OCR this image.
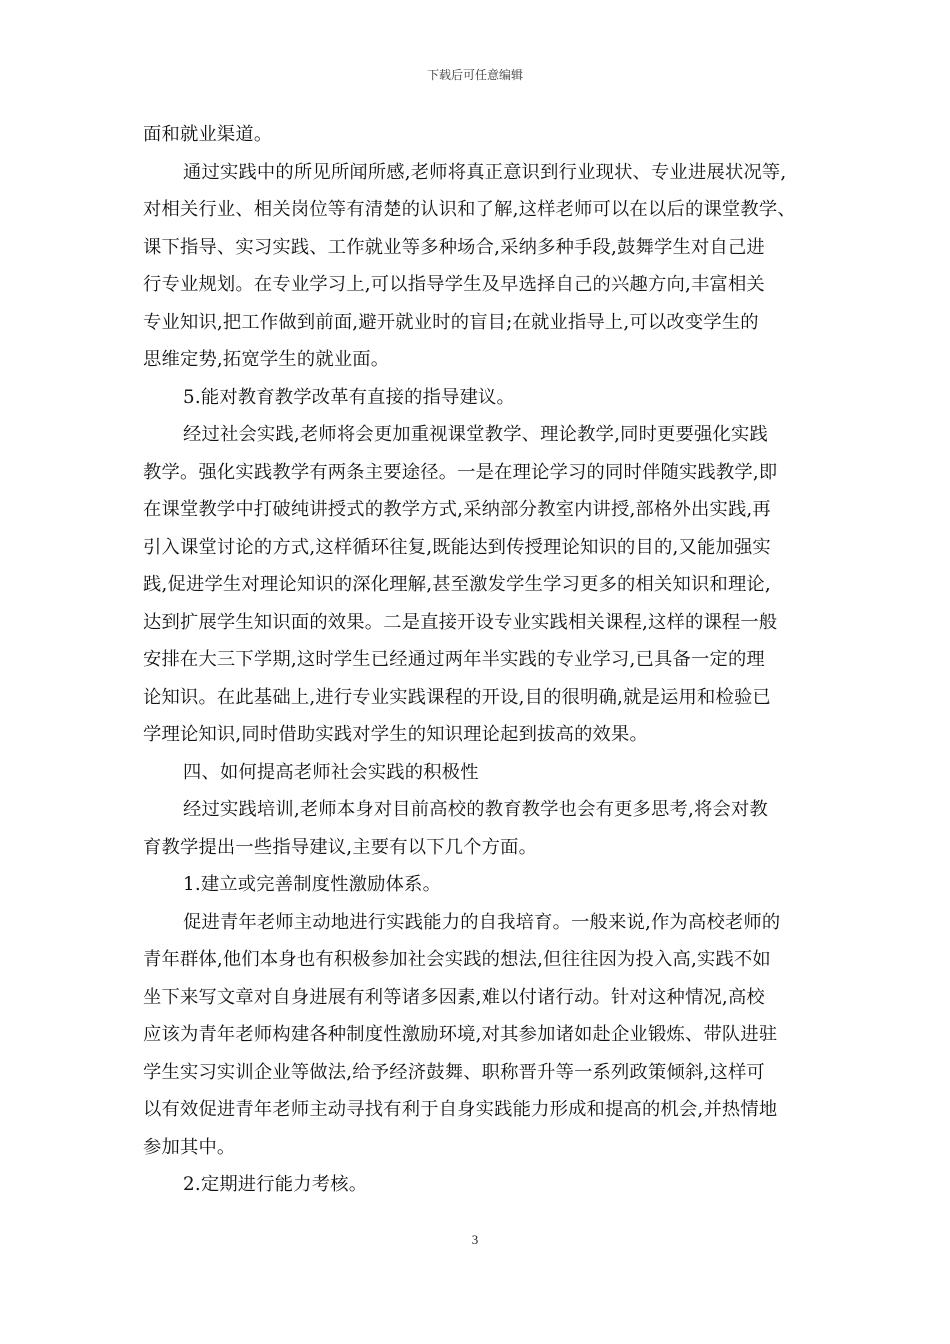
下载后可任意编辑
面和就业渠道。
通过实践中的所见所闻所感,老师将真正意识到行业现状、专业进展状况等,
对相关行业、相关岗位等有清楚的认识和了解,这样老师可以在以后的课堂教学、
课下指导、实习实践、工作就业等多种场合,采纳多种手段,鼓舞学生对自己进
行专业规划。在专业学习上,可以指导学生及早选择自己的兴趣方向,丰富相关
专业知识,把工作做到前面,避开就业时的盲目;在就业指导上,可以改变学生的
思维定势,拓宽学生的就业面。
5.能对教育教学改革有直接的指导建议。
经过社会实践,老师将会更加重视课堂教学、理论教学,同时更要强化实践
教学。强化实践教学有两条主要途径。一是在理论学习的同时伴随实践教学,即
在课堂教学中打破纯讲授式的教学方式,采纳部分教室内讲授,部格外出实践,再
引入课堂讨论的方式,这样循环往复,既能达到传授理论知识的目的,又能加强实
践,促进学生对理论知识的深化理解,甚至激发学生学习更多的相关知识和理论,
达到扩展学生知识面的效果。二是直接开设专业实践相关课程,这样的课程一般
安排在大三下学期,这时学生已经通过两年半实践的专业学习,已具备一定的理
论知识。在此基础上,进行专业实践课程的开设,目的很明确,就是运用和检验已
学理论知识,同时借助实践对学生的知识理论起到拔高的效果。
四、如何提高老师社会实践的积极性
经过实践培训,老师本身对目前高校的教育教学也会有更多思考,将会对教
育教学提出一些指导建议,主要有以下几个方面。
1.建立或完善制度性激励体系。
促进青年老师主动地进行实践能力的自我培育。一般来说,作为高校老师的
青年群体,他们本身也有积极参加社会实践的想法,但往往因为投入高,实践不如
坐下来写文章对自身进展有利等诸多因素,难以付诸行动。针对这种情况,高校
应该为青年老师构建各种制度性激励环境,对其参加诸如赴企业锻炼、带队进驻
学生实习实训企业等做法,给予经济鼓舞、职称晋升等一系列政策倾斜,这样可
以有效促进青年老师主动寻找有利于自身实践能力形成和提高的机会,并热情地
参加其中。
2.定期进行能力考核。
3
